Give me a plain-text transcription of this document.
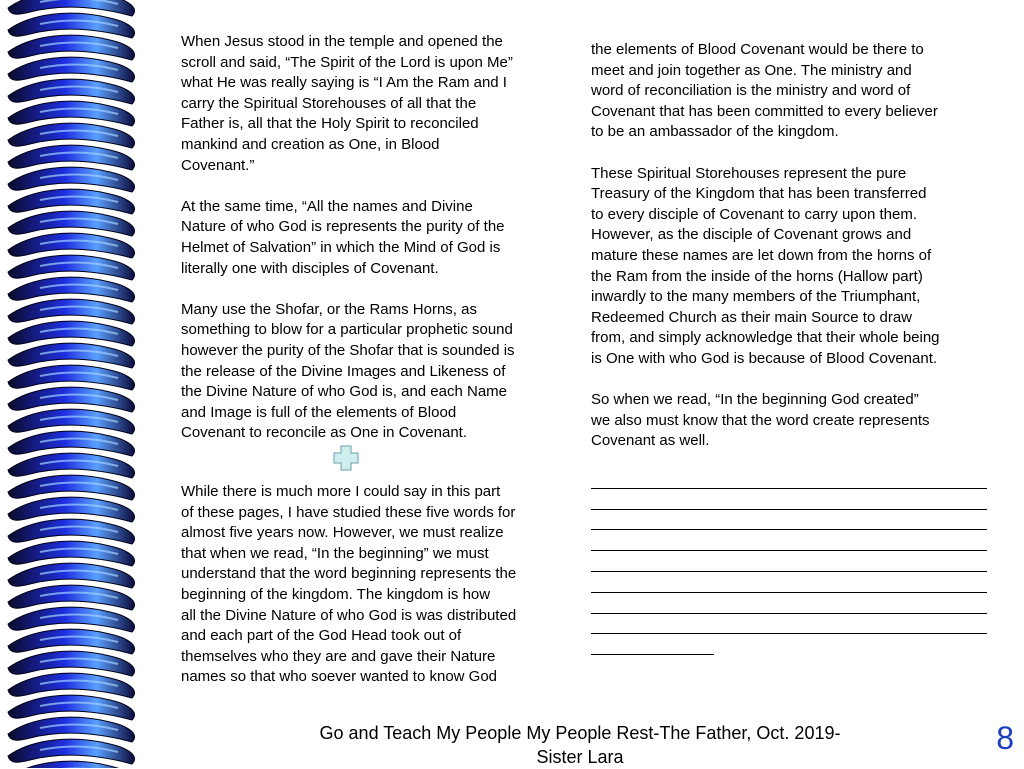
When Jesus stood in the temple and opened the
scroll and said, “The Spirit of the Lord is upon Me”
what He was really saying is “I Am the Ram and I
carry the Spiritual Storehouses of all that the
Father is, all that the Holy Spirit to reconciled
mankind and creation as One, in Blood
Covenant.”

At the same time, “All the names and Divine
Nature of who God is represents the purity of the
Helmet of Salvation” in which the Mind of God is
literally one with disciples of Covenant.

Many use the Shofar, or the Rams Horns, as
something to blow for a particular prophetic sound
however the purity of the Shofar that is sounded is
the release of the Divine Images and Likeness of
the Divine Nature of who God is, and each Name
and Image is full of the elements of Blood
Covenant to reconcile as One in Covenant.

While there is much more I could say in this part
of these pages, I have studied these five words for
almost five years now. However, we must realize
that when we read, “In the beginning” we must
understand that the word beginning represents the
beginning of the kingdom. The kingdom is how
all the Divine Nature of who God is was distributed
and each part of the God Head took out of
themselves who they are and gave their Nature
names so that who soever wanted to know God

the elements of Blood Covenant would be there to
meet and join together as One. The ministry and
word of reconciliation is the ministry and word of
Covenant that has been committed to every believer
to be an ambassador of the kingdom.

These Spiritual Storehouses represent the pure
Treasury of the Kingdom that has been transferred
to every disciple of Covenant to carry upon them.
However, as the disciple of Covenant grows and
mature these names are let down from the horns of
the Ram from the inside of the horns (Hallow part)
inwardly to the many members of the Triumphant,
Redeemed Church as their main Source to draw
from, and simply acknowledge that their whole being
is One with who God is because of Blood Covenant.

So when we read, “In the beginning God created”
we also must know that the word create represents
Covenant as well.

Go and Teach My People My People Rest-The Father, Oct. 2019-
Sister Lara

8
